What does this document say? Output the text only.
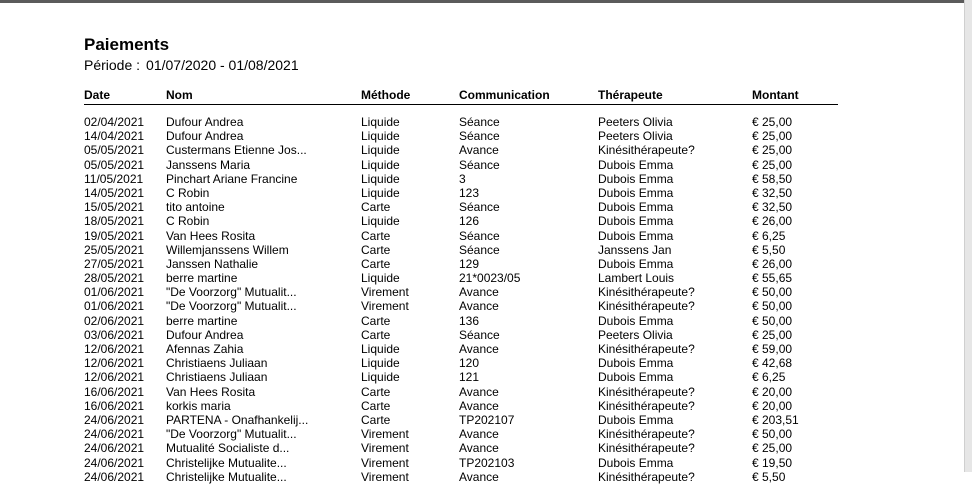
Paiements
Période : 01/07/2020 - 01/08/2021
Date	Nom	Méthode	Communication	Thérapeute	Montant
02/04/2021 Dufour Andrea	Liquide	Séance	Peeters Olivia	€ 25,00
14/04/2021 Dufour Andrea	Liquide	Séance	Peeters Olivia	€ 25,00
05/05/2021 Custermans Etienne Jos...	Liquide	Avance	Kinésithérapeute?	€ 25,00
05/05/2021 Janssens Maria	Liquide	Séance	Dubois Emma	€ 25,00
11/05/2021 Pinchart Ariane Francine	Liquide	3	Dubois Emma	€ 58,50
14/05/2021 C Robin	Liquide	123	Dubois Emma	€ 32,50
15/05/2021 tito antoine	Carte	Séance	Dubois Emma	€ 32,50
18/05/2021 C Robin	Liquide	126	Dubois Emma	€ 26,00
19/05/2021 Van Hees Rosita	Carte	Séance	Dubois Emma	€ 6,25
25/05/2021 Willemjanssens Willem	Carte	Séance	Janssens Jan	€ 5,50
27/05/2021 Janssen Nathalie	Carte	129	Dubois Emma	€ 26,00
28/05/2021 berre martine	Liquide	21*0023/05	Lambert Louis	€ 55,65
01/06/2021 "De Voorzorg" Mutualit...	Virement	Avance	Kinésithérapeute?	€ 50,00
01/06/2021 "De Voorzorg" Mutualit...	Virement	Avance	Kinésithérapeute?	€ 50,00
02/06/2021 berre martine	Carte	136	Dubois Emma	€ 50,00
03/06/2021 Dufour Andrea	Carte	Séance	Peeters Olivia	€ 25,00
12/06/2021 Afennas Zahia	Liquide	Avance	Kinésithérapeute?	€ 59,00
12/06/2021 Christiaens Juliaan	Liquide	120	Dubois Emma	€ 42,68
12/06/2021 Christiaens Juliaan	Liquide	121	Dubois Emma	€ 6,25
16/06/2021 Van Hees Rosita	Carte	Avance	Kinésithérapeute?	€ 20,00
16/06/2021 korkis maria	Carte	Avance	Kinésithérapeute?	€ 20,00
24/06/2021 PARTENA - Onafhankelij...	Carte	TP202107	Dubois Emma	€ 203,51
24/06/2021 "De Voorzorg" Mutualit...	Virement	Avance	Kinésithérapeute?	€ 50,00
24/06/2021 Mutualité Socialiste d...	Virement	Avance	Kinésithérapeute?	€ 25,00
24/06/2021 Christelijke Mutualite...	Virement	TP202103	Dubois Emma	€ 19,50
24/06/2021 Christelijke Mutualite...	Virement	Avance	Kinésithérapeute?	€ 5,50
